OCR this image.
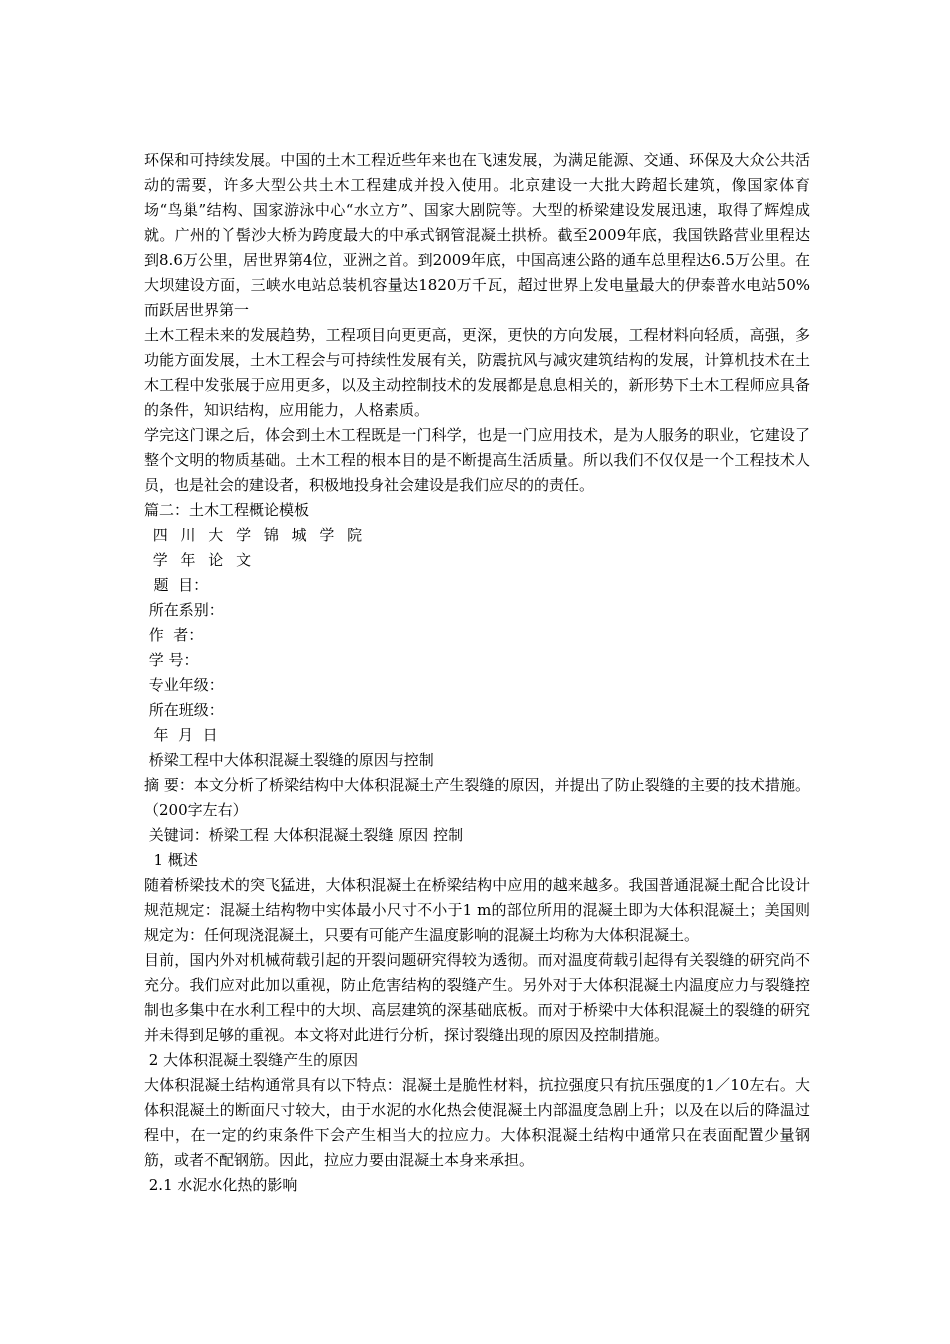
环保和可持续发展。中国的土木工程近些年来也在飞速发展，为满足能源、交通、环保及大众公共活动的需要，许多大型公共土木工程建成并投入使用。北京建设一大批大跨超长建筑，像国家体育场“鸟巢”结构、国家游泳中心“水立方”、国家大剧院等。大型的桥梁建设发展迅速，取得了辉煌成就。广州的丫髻沙大桥为跨度最大的中承式钢管混凝土拱桥。截至2009年底，我国铁路营业里程达到8.6万公里，居世界第4位，亚洲之首。到2009年底，中国高速公路的通车总里程达6.5万公里。在大坝建设方面，三峡水电站总装机容量达1820万千瓦，超过世界上发电量最大的伊泰普水电站50%而跃居世界第一

土木工程未来的发展趋势，工程项目向更更高，更深，更快的方向发展，工程材料向轻质，高强，多功能方面发展，土木工程会与可持续性发展有关，防震抗风与减灾建筑结构的发展，计算机技术在土木工程中发张展于应用更多，以及主动控制技术的发展都是息息相关的，新形势下土木工程师应具备的条件，知识结构，应用能力，人格素质。

学完这门课之后，体会到土木工程既是一门科学，也是一门应用技术，是为人服务的职业，它建设了整个文明的物质基础。土木工程的根本目的是不断提高生活质量。所以我们不仅仅是一个工程技术人员，也是社会的建设者，积极地投身社会建设是我们应尽的的责任。

篇二：土木工程概论模板

四 川 大 学 锦 城 学 院

学 年 论 文

题  目：

所在系别：

作  者：

学 号：

专业年级：

所在班级：

年  月  日

桥梁工程中大体积混凝土裂缝的原因与控制

摘 要：本文分析了桥梁结构中大体积混凝土产生裂缝的原因，并提出了防止裂缝的主要的技术措施。（200字左右）

关键词：桥梁工程 大体积混凝土裂缝 原因 控制

1 概述

随着桥梁技术的突飞猛进，大体积混凝土在桥梁结构中应用的越来越多。我国普通混凝土配合比设计规范规定：混凝土结构物中实体最小尺寸不小于1 m的部位所用的混凝土即为大体积混凝土；美国则规定为：任何现浇混凝土，只要有可能产生温度影响的混凝土均称为大体积混凝土。

目前，国内外对机械荷载引起的开裂问题研究得较为透彻。而对温度荷载引起得有关裂缝的研究尚不充分。我们应对此加以重视，防止危害结构的裂缝产生。另外对于大体积混凝土内温度应力与裂缝控制也多集中在水利工程中的大坝、高层建筑的深基础底板。而对于桥梁中大体积混凝土的裂缝的研究并未得到足够的重视。本文将对此进行分析，探讨裂缝出现的原因及控制措施。

2 大体积混凝土裂缝产生的原因

大体积混凝土结构通常具有以下特点：混凝土是脆性材料，抗拉强度只有抗压强度的1／10左右。大体积混凝土的断面尺寸较大，由于水泥的水化热会使混凝土内部温度急剧上升；以及在以后的降温过程中，在一定的约束条件下会产生相当大的拉应力。大体积混凝土结构中通常只在表面配置少量钢筋，或者不配钢筋。因此，拉应力要由混凝土本身来承担。

2.1 水泥水化热的影响
